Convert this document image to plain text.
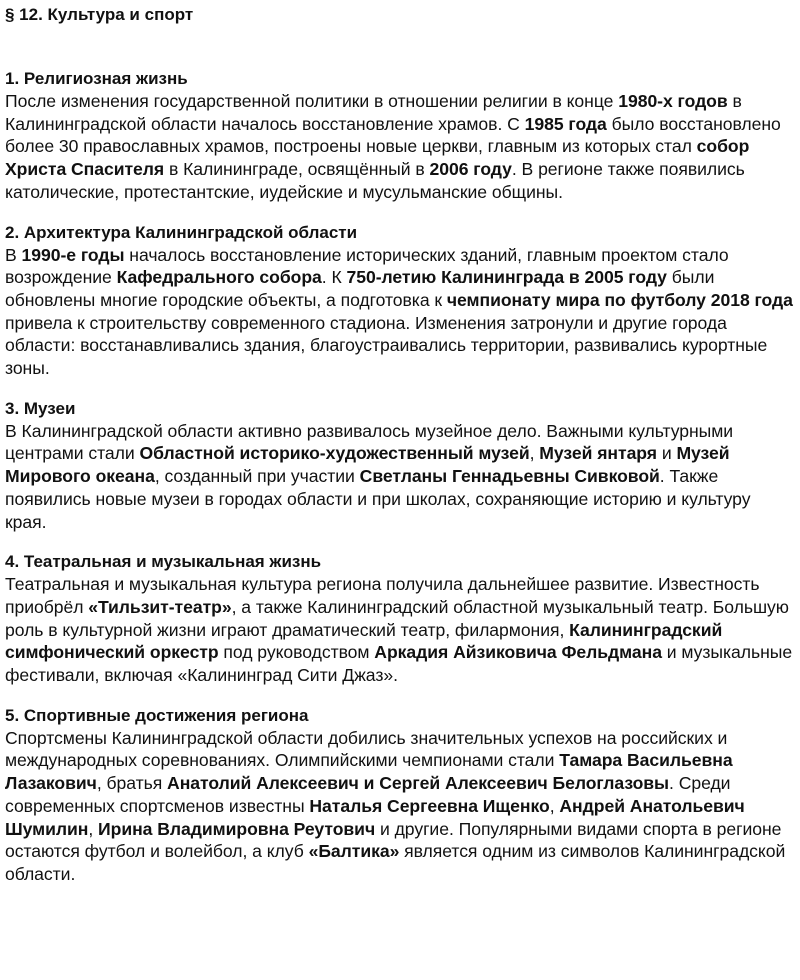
§ 12. Культура и спорт
1. Религиозная жизнь

После изменения государственной политики в отношении религии в конце 1980-х годов в Калининградской области началось восстановление храмов. С 1985 года было восстановлено более 30 православных храмов, построены новые церкви, главным из которых стал собор Христа Спасителя в Калининграде, освящённый в 2006 году. В регионе также появились католические, протестантские, иудейские и мусульманские общины.

2. Архитектура Калининградской области

В 1990-е годы началось восстановление исторических зданий, главным проектом стало возрождение Кафедрального собора. К 750-летию Калининграда в 2005 году были обновлены многие городские объекты, а подготовка к чемпионату мира по футболу 2018 года привела к строительству современного стадиона. Изменения затронули и другие города области: восстанавливались здания, благоустраивались территории, развивались курортные зоны.

3. Музеи

В Калининградской области активно развивалось музейное дело. Важными культурными центрами стали Областной историко-художественный музей, Музей янтаря и Музей Мирового океана, созданный при участии Светланы Геннадьевны Сивковой. Также появились новые музеи в городах области и при школах, сохраняющие историю и культуру края.

4. Театральная и музыкальная жизнь

Театральная и музыкальная культура региона получила дальнейшее развитие. Известность приобрёл «Тильзит-театр», а также Калининградский областной музыкальный театр. Большую роль в культурной жизни играют драматический театр, филармония, Калининградский симфонический оркестр под руководством Аркадия Айзиковича Фельдмана и музыкальные фестивали, включая «Калининград Сити Джаз».

5. Спортивные достижения региона

Спортсмены Калининградской области добились значительных успехов на российских и международных соревнованиях. Олимпийскими чемпионами стали Тамара Васильевна Лазакович, братья Анатолий Алексеевич и Сергей Алексеевич Белоглазовы. Среди современных спортсменов известны Наталья Сергеевна Ищенко, Андрей Анатольевич Шумилин, Ирина Владимировна Реутович и другие. Популярными видами спорта в регионе остаются футбол и волейбол, а клуб «Балтика» является одним из символов Калининградской области.
